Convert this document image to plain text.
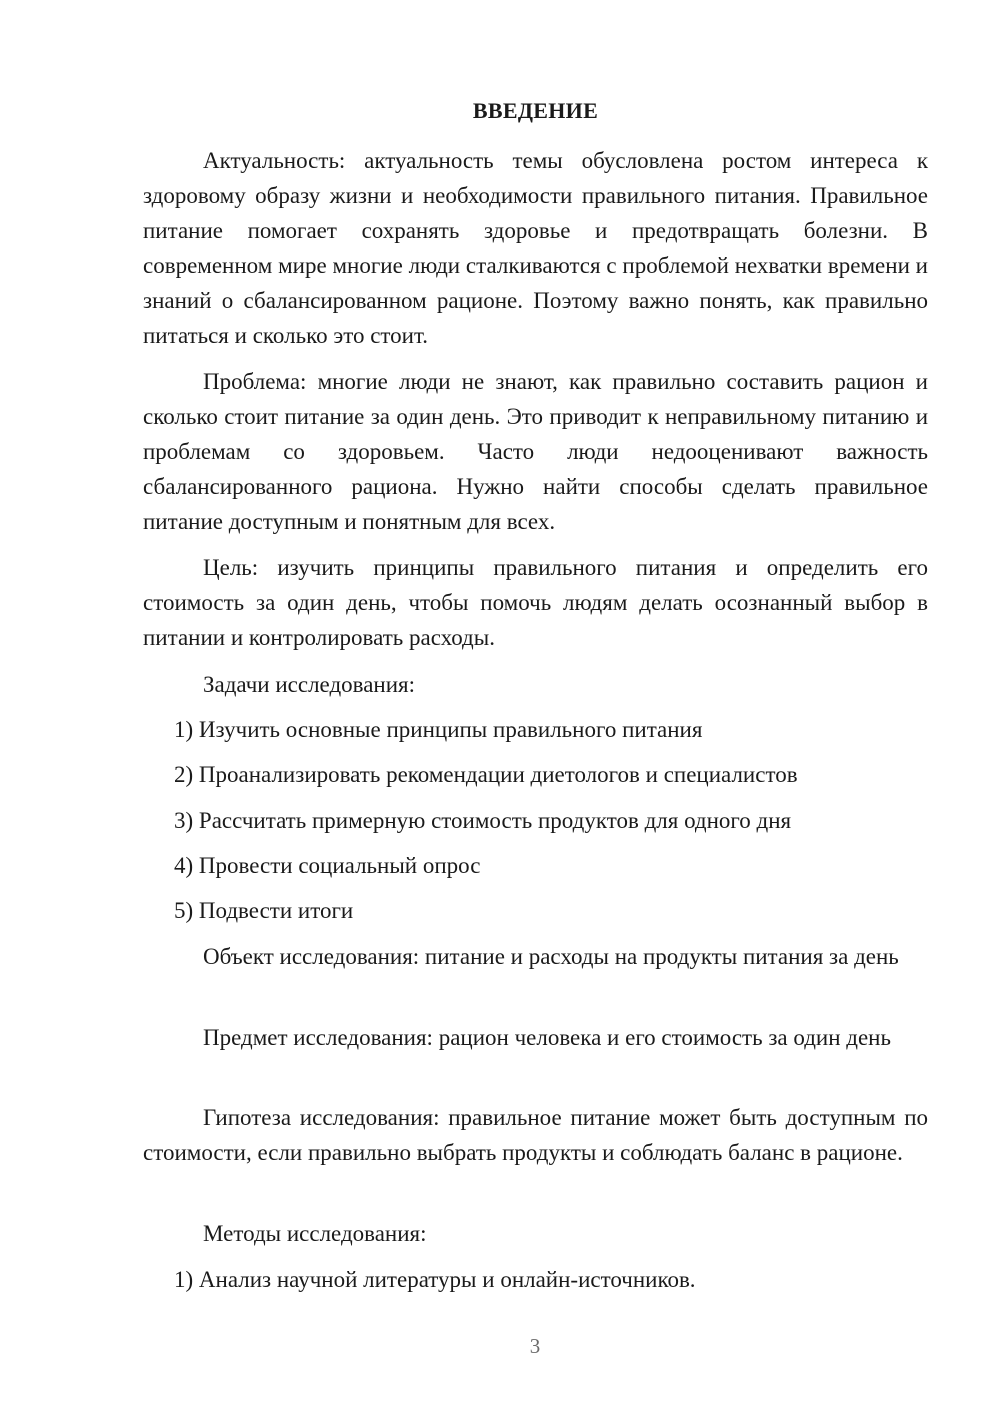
ВВЕДЕНИЕ

Актуальность: актуальность темы обусловлена ростом интереса к здоровому образу жизни и необходимости правильного питания. Правильное питание помогает сохранять здоровье и предотвращать болезни. В современном мире многие люди сталкиваются с проблемой нехватки времени и знаний о сбалансированном рационе. Поэтому важно понять, как правильно питаться и сколько это стоит.

Проблема: многие люди не знают, как правильно составить рацион и сколько стоит питание за один день. Это приводит к неправильному питанию и проблемам со здоровьем. Часто люди недооценивают важность сбалансированного рациона. Нужно найти способы сделать правильное питание доступным и понятным для всех.

Цель: изучить принципы правильного питания и определить его стоимость за один день, чтобы помочь людям делать осознанный выбор в питании и контролировать расходы.

Задачи исследования:
1) Изучить основные принципы правильного питания
2) Проанализировать рекомендации диетологов и специалистов
3) Рассчитать примерную стоимость продуктов для одного дня
4) Провести социальный опрос
5) Подвести итоги

Объект исследования: питание и расходы на продукты питания за день

Предмет исследования: рацион человека и его стоимость за один день

Гипотеза исследования: правильное питание может быть доступным по стоимости, если правильно выбрать продукты и соблюдать баланс в рационе.

Методы исследования:
1) Анализ научной литературы и онлайн-источников.
3
